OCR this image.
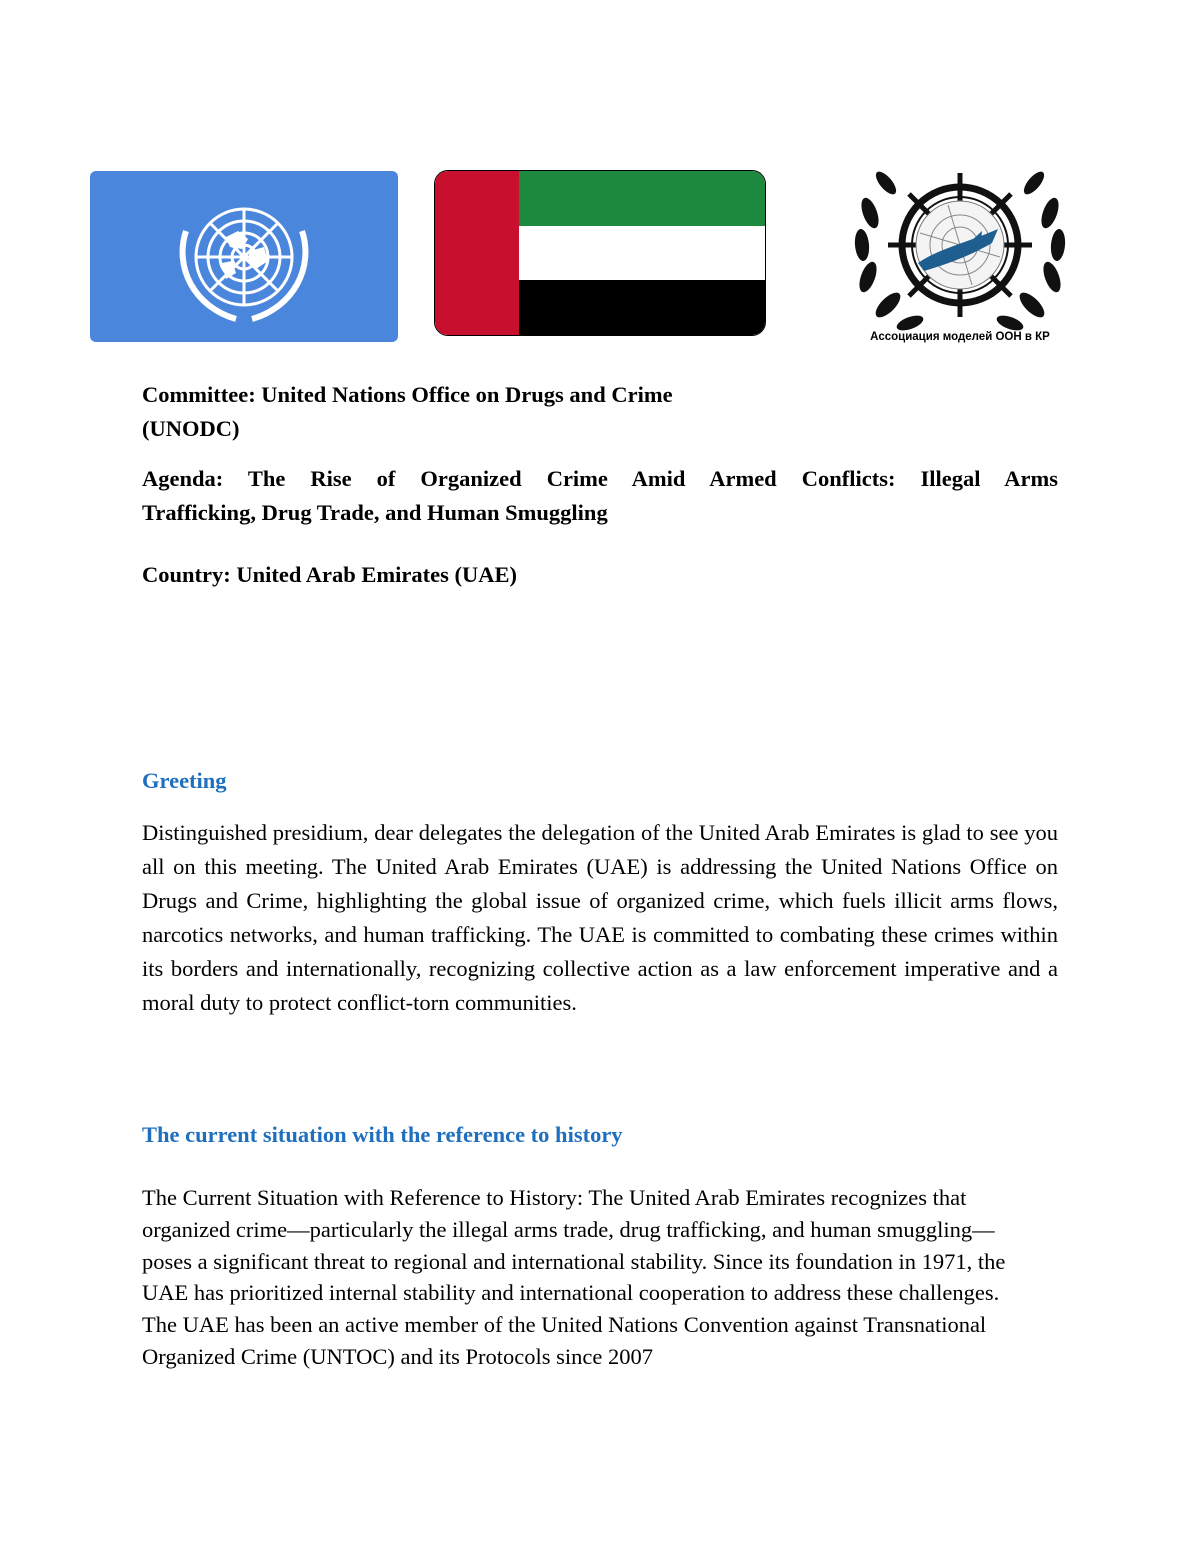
Ассоциация моделей ООН в КР
Committee: United Nations Office on Drugs and Crime
(UNODC)
Agenda: The Rise of Organized Crime Amid Armed Conflicts: Illegal Arms
Trafficking, Drug Trade, and Human Smuggling
Country: United Arab Emirates (UAE)
Greeting
Distinguished presidium, dear delegates the delegation of the United Arab Emirates is glad to see you all on this meeting. The United Arab Emirates (UAE) is addressing the United Nations Office on Drugs and Crime, highlighting the global issue of organized crime, which fuels illicit arms flows, narcotics networks, and human trafficking. The UAE is committed to combating these crimes within its borders and internationally, recognizing collective action as a law enforcement imperative and a moral duty to protect conflict-torn communities.
The current situation with the reference to history
The Current Situation with Reference to History: The United Arab Emirates recognizes that organized crime—particularly the illegal arms trade, drug trafficking, and human smuggling—poses a significant threat to regional and international stability. Since its foundation in 1971, the UAE has prioritized internal stability and international cooperation to address these challenges. The UAE has been an active member of the United Nations Convention against Transnational Organized Crime (UNTOC) and its Protocols since 2007
